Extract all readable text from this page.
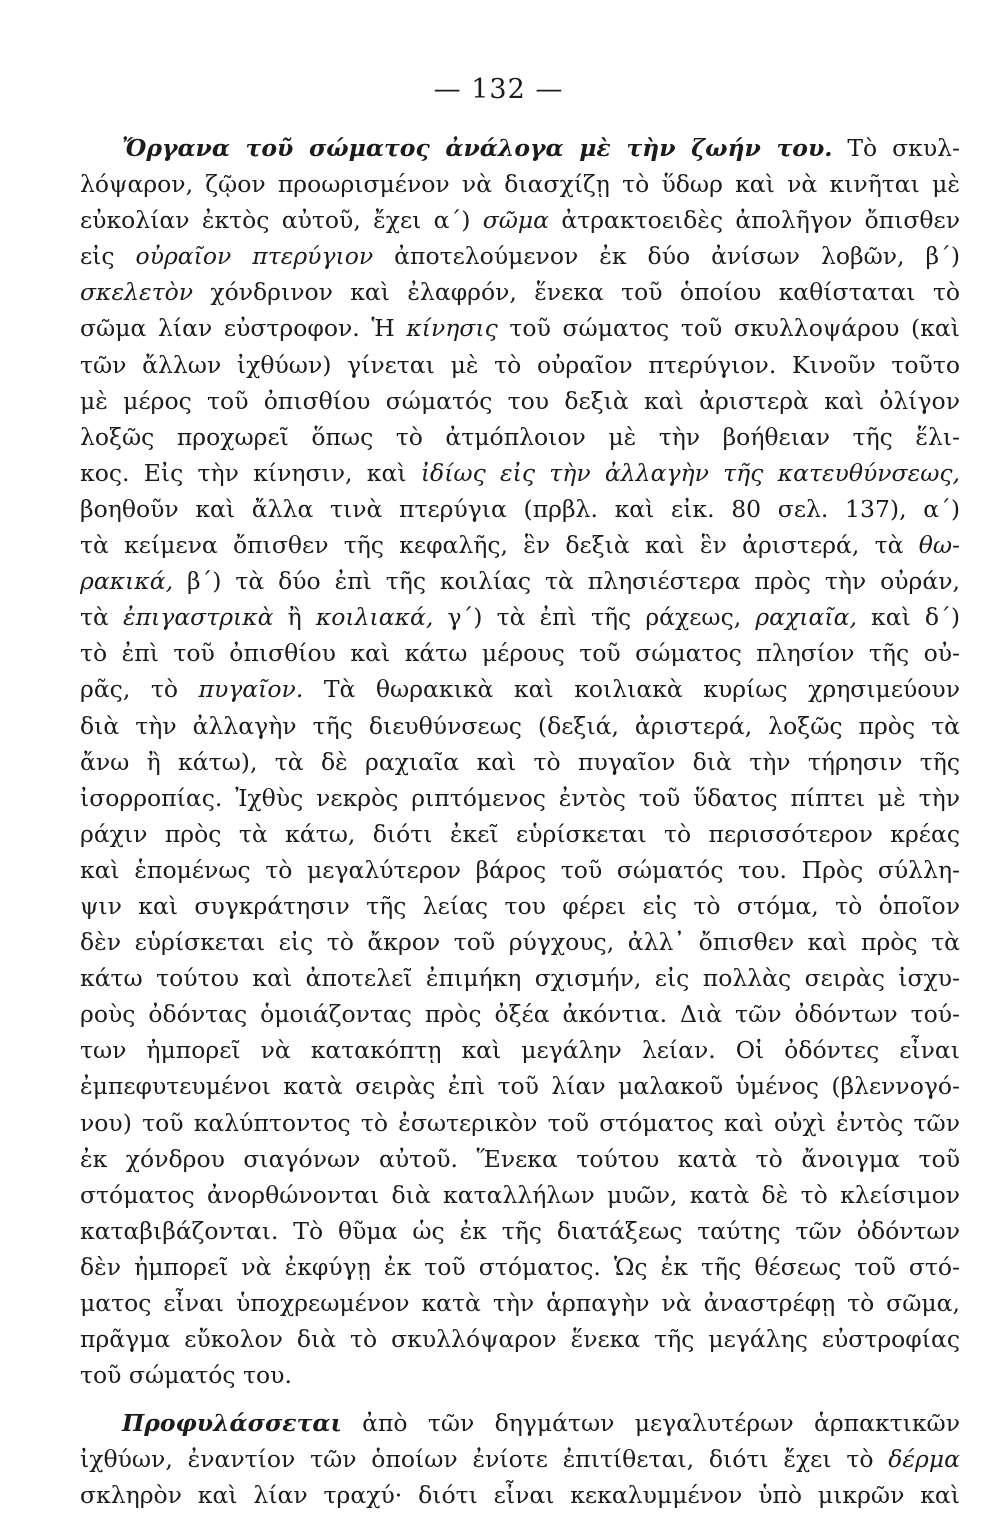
— 132 —
Ὄργανα τοῦ σώματος ἀνάλογα μὲ τὴν ζωήν του. Τὸ σκυλ-
λόψαρον, ζῷον προωρισμένον νὰ διασχίζῃ τὸ ὕδωρ καὶ νὰ κινῆται μὲ
εὐκολίαν ἐκτὸς αὐτοῦ, ἔχει α΄) σῶμα ἀτρακτοειδὲς ἀπολῆγον ὄπισθεν
εἰς οὐραῖον πτερύγιον ἀποτελούμενον ἐκ δύο ἀνίσων λοβῶν, β΄)
σκελετὸν χόνδρινον καὶ ἐλαφρόν, ἕνεκα τοῦ ὁποίου καθίσταται τὸ
σῶμα λίαν εὐστροφον. Ἡ κίνησις τοῦ σώματος τοῦ σκυλλοψάρου (καὶ
τῶν ἄλλων ἰχθύων) γίνεται μὲ τὸ οὐραῖον πτερύγιον. Κινοῦν τοῦτο
μὲ μέρος τοῦ ὀπισθίου σώματός του δεξιὰ καὶ ἀριστερὰ καὶ ὀλίγον
λοξῶς προχωρεῖ ὅπως τὸ ἀτμόπλοιον μὲ τὴν βοήθειαν τῆς ἕλι-
κος. Εἰς τὴν κίνησιν, καὶ ἰδίως εἰς τὴν ἀλλαγὴν τῆς κατευθύνσεως,
βοηθοῦν καὶ ἄλλα τινὰ πτερύγια (πρβλ. καὶ εἰκ. 80 σελ. 137), α΄)
τὰ κείμενα ὄπισθεν τῆς κεφαλῆς, ἓν δεξιὰ καὶ ἓν ἀριστερά, τὰ θω-
ρακικά, β΄) τὰ δύο ἐπὶ τῆς κοιλίας τὰ πλησιέστερα πρὸς τὴν οὐράν,
τὰ ἐπιγαστρικὰ ἢ κοιλιακά, γ΄) τὰ ἐπὶ τῆς ράχεως, ραχιαῖα, καὶ δ΄)
τὸ ἐπὶ τοῦ ὀπισθίου καὶ κάτω μέρους τοῦ σώματος πλησίον τῆς οὐ-
ρᾶς, τὸ πυγαῖον. Τὰ θωρακικὰ καὶ κοιλιακὰ κυρίως χρησιμεύουν
διὰ τὴν ἀλλαγὴν τῆς διευθύνσεως (δεξιά, ἀριστερά, λοξῶς πρὸς τὰ
ἄνω ἢ κάτω), τὰ δὲ ραχιαῖα καὶ τὸ πυγαῖον διὰ τὴν τήρησιν τῆς
ἰσορροπίας. Ἰχθὺς νεκρὸς ριπτόμενος ἐντὸς τοῦ ὕδατος πίπτει μὲ τὴν
ράχιν πρὸς τὰ κάτω, διότι ἐκεῖ εὑρίσκεται τὸ περισσότερον κρέας
καὶ ἑπομένως τὸ μεγαλύτερον βάρος τοῦ σώματός του. Πρὸς σύλλη-
ψιν καὶ συγκράτησιν τῆς λείας του φέρει εἰς τὸ στόμα, τὸ ὁποῖον
δὲν εὑρίσκεται εἰς τὸ ἄκρον τοῦ ρύγχους, ἀλλ᾿ ὄπισθεν καὶ πρὸς τὰ
κάτω τούτου καὶ ἀποτελεῖ ἐπιμήκη σχισμήν, εἰς πολλὰς σειρὰς ἰσχυ-
ροὺς ὀδόντας ὁμοιάζοντας πρὸς ὀξέα ἀκόντια. Διὰ τῶν ὀδόντων τού-
των ἠμπορεῖ νὰ κατακόπτῃ καὶ μεγάλην λείαν. Οἱ ὀδόντες εἶναι
ἐμπεφυτευμένοι κατὰ σειρὰς ἐπὶ τοῦ λίαν μαλακοῦ ὑμένος (βλεννογό-
νου) τοῦ καλύπτοντος τὸ ἐσωτερικὸν τοῦ στόματος καὶ οὐχὶ ἐντὸς τῶν
ἐκ χόνδρου σιαγόνων αὐτοῦ. Ἕνεκα τούτου κατὰ τὸ ἄνοιγμα τοῦ
στόματος ἀνορθώνονται διὰ καταλλήλων μυῶν, κατὰ δὲ τὸ κλείσιμον
καταβιβάζονται. Τὸ θῦμα ὡς ἐκ τῆς διατάξεως ταύτης τῶν ὀδόντων
δὲν ἠμπορεῖ νὰ ἐκφύγῃ ἐκ τοῦ στόματος. Ὡς ἐκ τῆς θέσεως τοῦ στό-
ματος εἶναι ὑποχρεωμένον κατὰ τὴν ἁρπαγὴν νὰ ἀναστρέφῃ τὸ σῶμα,
πρᾶγμα εὔκολον διὰ τὸ σκυλλόψαρον ἕνεκα τῆς μεγάλης εὐστροφίας
τοῦ σώματός του.
Προφυλάσσεται ἀπὸ τῶν δηγμάτων μεγαλυτέρων ἁρπακτικῶν
ἰχθύων, ἐναντίον τῶν ὁποίων ἐνίοτε ἐπιτίθεται, διότι ἔχει τὸ δέρμα
σκληρὸν καὶ λίαν τραχύ· διότι εἶναι κεκαλυμμένον ὑπὸ μικρῶν καὶ
